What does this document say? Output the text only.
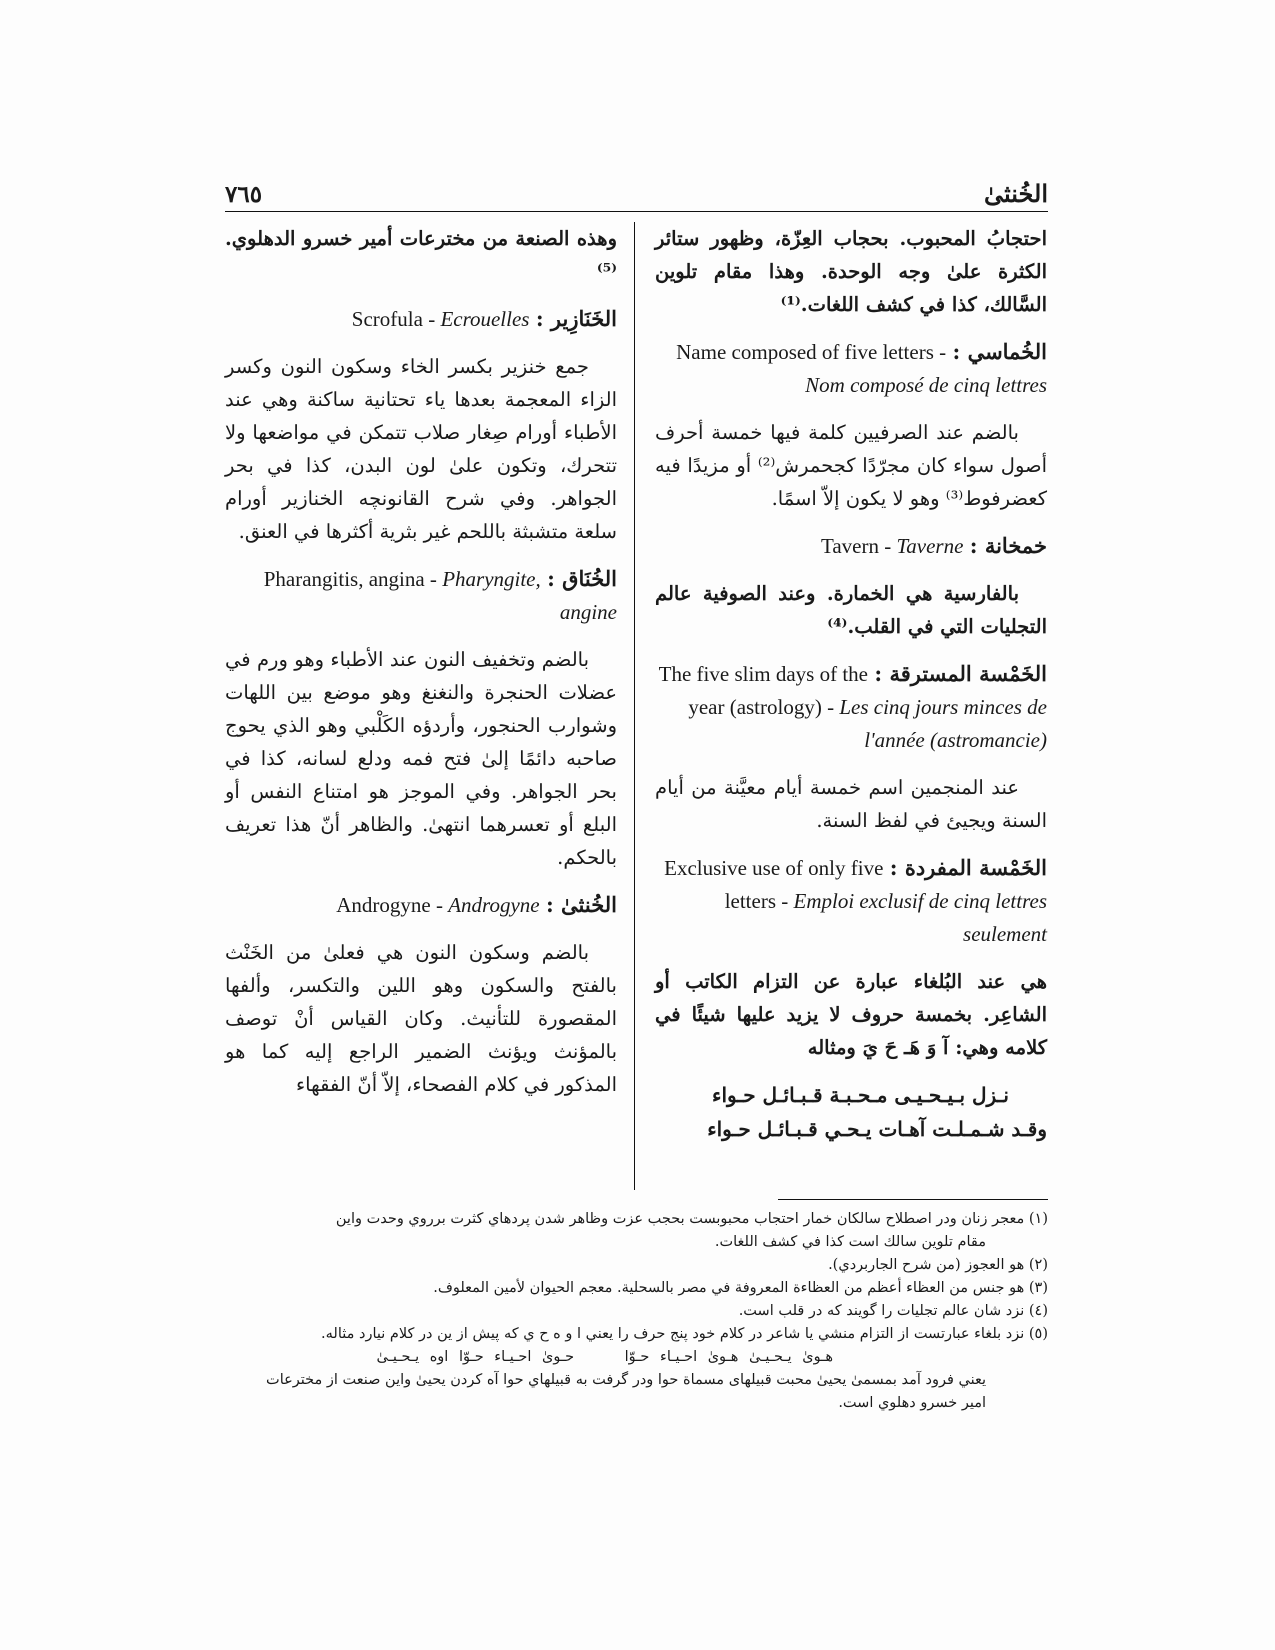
٧٦٥	الخُنثىٰ

احتجابُ المحبوب. بحجاب العِزّة، وظهور ستائر الكثرة علىٰ وجه الوحدة. وهذا مقام تلوين السَّالك، كذا في كشف اللغات.⁽¹⁾

الخُماسي : Name composed of five letters - Nom composé de cinq lettres

بالضم عند الصرفيين كلمة فيها خمسة أحرف أصول سواء كان مجرّدًا كجحمرش⁽²⁾ أو مزيدًا فيه كعضرفوط⁽³⁾ وهو لا يكون إلاّ اسمًا.

خمخانة : Tavern - Taverne

بالفارسية هي الخمارة. وعند الصوفية عالم التجليات التي في القلب.⁽⁴⁾

الخَمْسة المسترقة : The five slim days of the year (astrology) - Les cinq jours minces de l'année (astromancie)

عند المنجمين اسم خمسة أيام معيَّنة من أيام السنة ويجيئ في لفظ السنة.

الخَمْسة المفردة : Exclusive use of only five letters - Emploi exclusif de cinq lettres seulement

هي عند البُلغاء عبارة عن التزام الكاتب أو الشاعِر. بخمسة حروف لا يزيد عليها شيئًا في كلامه وهي: آ وَ هَـ حَ يَ ومثاله

نـزل بـيـحـيـى مـحـبـة قـبـائـل حـواء

وقـد شـمـلـت آهـات يـحـي قـبـائـل حـواء

وهذه الصنعة من مخترعات أمير خسرو الدهلوي.⁽⁵⁾

الخَنَازِير : Scrofula - Ecrouelles

جمع خنزير بكسر الخاء وسكون النون وكسر الزاء المعجمة بعدها ياء تحتانية ساكنة وهي عند الأطباء أورام صِغار صلاب تتمكن في مواضعها ولا تتحرك، وتكون علىٰ لون البدن، كذا في بحر الجواهر. وفي شرح القانونچه الخنازير أورام سلعة متشبثة باللحم غير بثرية أكثرها في العنق.

الخُنَاق : Pharangitis, angina - Pharyngite, angine

بالضم وتخفيف النون عند الأطباء وهو ورم في عضلات الحنجرة والنغنغ وهو موضع بين اللهات وشوارب الحنجور، وأردؤه الكَلْبي وهو الذي يحوج صاحبه دائمًا إلىٰ فتح فمه ودلع لسانه، كذا في بحر الجواهر. وفي الموجز هو امتناع النفس أو البلع أو تعسرهما انتهىٰ. والظاهر أنّ هذا تعريف بالحكم.

الخُنثىٰ : Androgyne - Androgyne

بالضم وسكون النون هي فعلىٰ من الخَنْث بالفتح والسكون وهو اللين والتكسر، وألفها المقصورة للتأنيث. وكان القياس أنْ توصف بالمؤنث ويؤنث الضمير الراجع إليه كما هو المذكور في كلام الفصحاء، إلاّ أنّ الفقهاء

(١) معجر زنان ودر اصطلاح سالكان خمار احتجاب محبوبست بحجب عزت وظاهر شدن پردهاي كثرت برروي وحدت واين

مقام تلوين سالك است كذا في كشف اللغات.

(٢) هو العجوز (من شرح الجاربردي).

(٣) هو جنس من العظاء أعظم من العظاءة المعروفة في مصر بالسحلية. معجم الحيوان لأمين المعلوف.

(٤) نزد شان عالم تجليات را گويند كه در قلب است.

(٥) نزد بلغاء عبارتست از التزام منشي يا شاعر در كلام خود پنج حرف را يعني ا و ه ح ي كه پيش از ين در كلام نيارد مثاله.

هـوىٰ يـحـيـىٰ هـوىٰ احـيـاء حـوّا حـوىٰ احـيـاء حـوّا اوه يـحـيـىٰ

يعني فرود آمد بمسمىٰ يحيىٰ محبت قبيلهاى مسماة حوا ودر گرفت به قبيلهاي حوا آه كردن يحيىٰ واين صنعت از مخترعات

امير خسرو دهلوي است.
